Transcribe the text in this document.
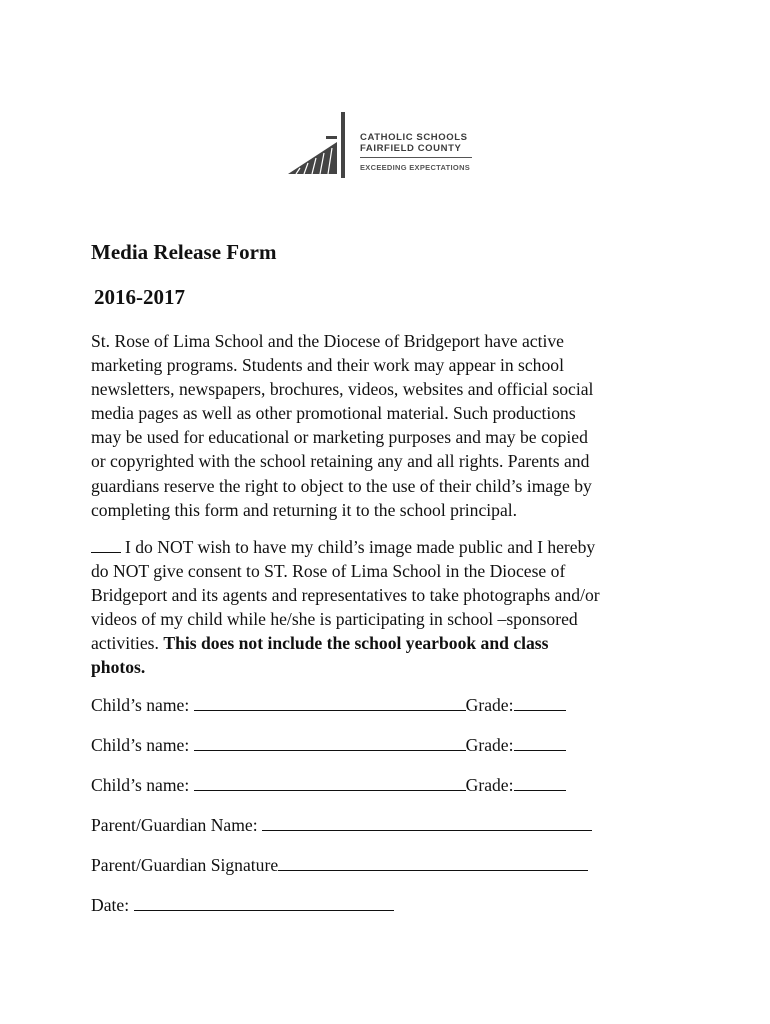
CATHOLIC SCHOOLS
FAIRFIELD COUNTY
EXCEEDING EXPECTATIONS
Media Release Form
2016-2017

St. Rose of Lima School and the Diocese of Bridgeport have active
marketing programs. Students and their work may appear in school
newsletters, newspapers, brochures, videos, websites and official social
media pages as well as other promotional material. Such productions
may be used for educational or marketing purposes and may be copied
or copyrighted with the school retaining any and all rights. Parents and
guardians reserve the right to object to the use of their child’s image by
completing this form and returning it to the school principal.

I do NOT wish to have my child’s image made public and I hereby
do NOT give consent to ST. Rose of Lima School in the Diocese of
Bridgeport and its agents and representatives to take photographs and/or
videos of my child while he/she is participating in school –sponsored
activities. This does not include the school yearbook and class
photos.

Child’s name:	Grade:
Child’s name:	Grade:
Child’s name:	Grade:
Parent/Guardian Name:
Parent/Guardian Signature
Date:
